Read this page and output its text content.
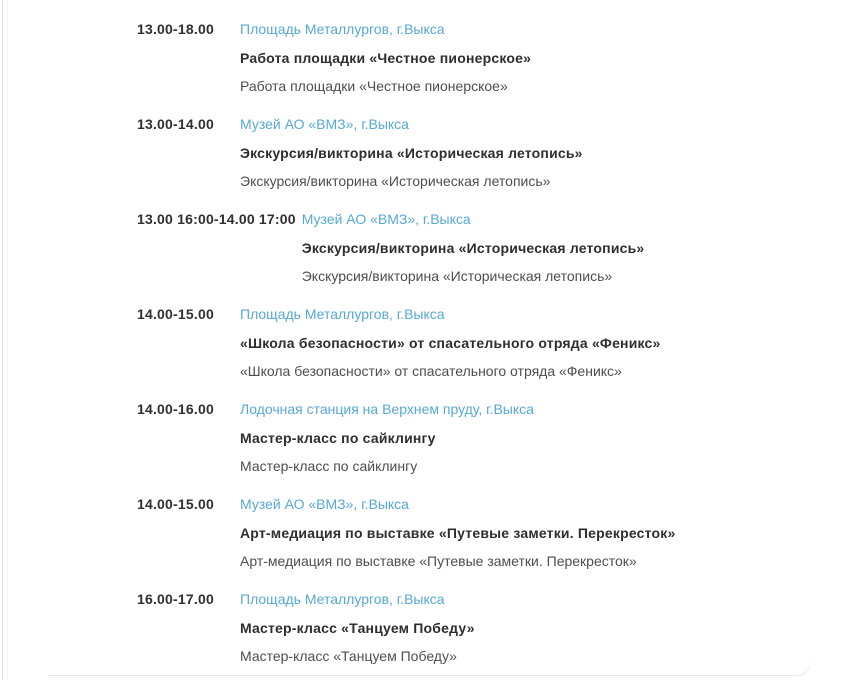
13.00-18.00	Площадь Металлургов, г.Выкса

Работа площадки «Честное пионерское»

Работа площадки «Честное пионерское»

13.00-14.00	Музей АО «ВМЗ», г.Выкса

Экскурсия/викторина «Историческая летопись»

Экскурсия/викторина «Историческая летопись»

13.00 16:00-14.00 17:00 Музей АО «ВМЗ», г.Выкса

Экскурсия/викторина «Историческая летопись»

Экскурсия/викторина «Историческая летопись»

14.00-15.00	Площадь Металлургов, г.Выкса

«Школа безопасности» от спасательного отряда «Феникс»

«Школа безопасности» от спасательного отряда «Феникс»

14.00-16.00	Лодочная станция на Верхнем пруду, г.Выкса

Мастер-класс по сайклингу

Мастер-класс по сайклингу

14.00-15.00	Музей АО «ВМЗ», г.Выкса

Арт-медиация по выставке «Путевые заметки. Перекресток»

Арт-медиация по выставке «Путевые заметки. Перекресток»

16.00-17.00	Площадь Металлургов, г.Выкса

Мастер-класс «Танцуем Победу»

Мастер-класс «Танцуем Победу»
